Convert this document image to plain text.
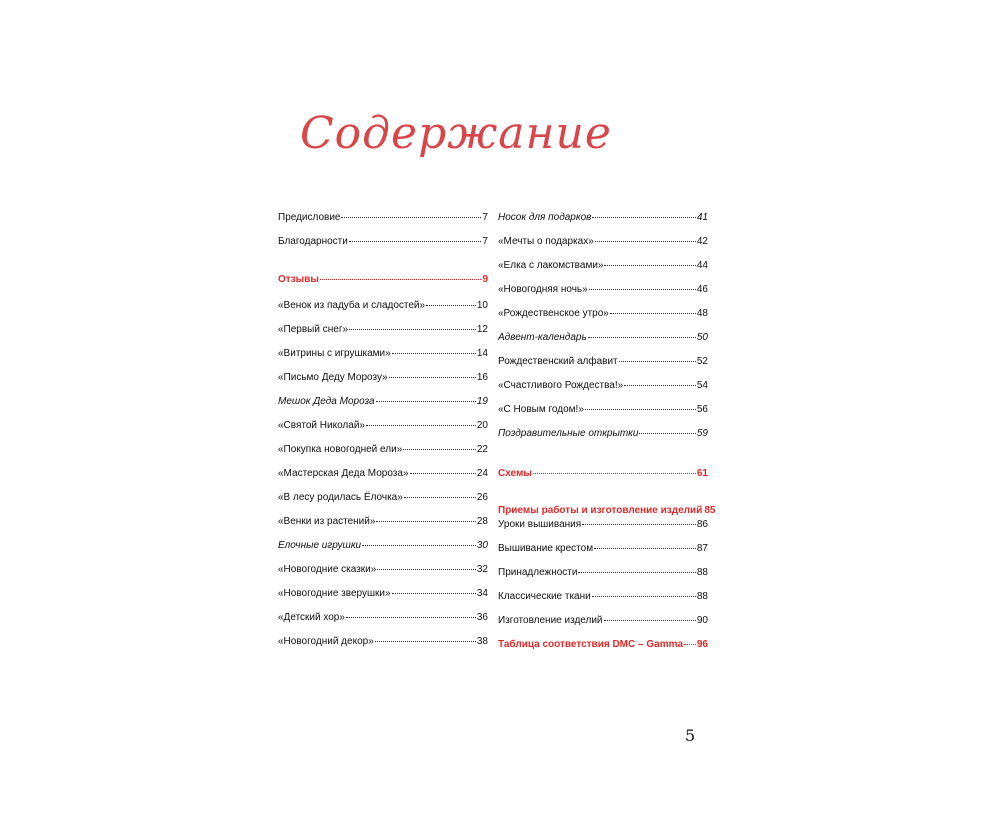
Содержание
Предисловие	7
Благодарности	7
Отзывы	9
«Венок из падуба и сладостей»	10
«Первый снег»	12
«Витрины с игрушками»	14
«Письмо Деду Морозу»	16
Мешок Деда Мороза	19
«Святой Николай»	20
«Покупка новогодней ели»	22
«Мастерская Деда Мороза»	24
«В лесу родилась Ёлочка»	26
«Венки из растений»	28
Елочные игрушки	30
«Новогодние сказки»	32
«Новогодние зверушки»	34
«Детский хор»	36
«Новогодний декор»	38
Носок для подарков	41
«Мечты о подарках»	42
«Елка с лакомствами»	44
«Новогодняя ночь»	46
«Рождественское утро»	48
Адвент-календарь	50
Рождественский алфавит	52
«Счастливого Рождества!»	54
«С Новым годом!»	56
Поздравительные открытки	59
Схемы	61
Приемы работы и изготовление изделий 85
Уроки вышивания	86
Вышивание крестом	87
Принадлежности	88
Классические ткани	88
Изготовление изделий	90
Таблица соответствия DMC – Gamma 96
5
